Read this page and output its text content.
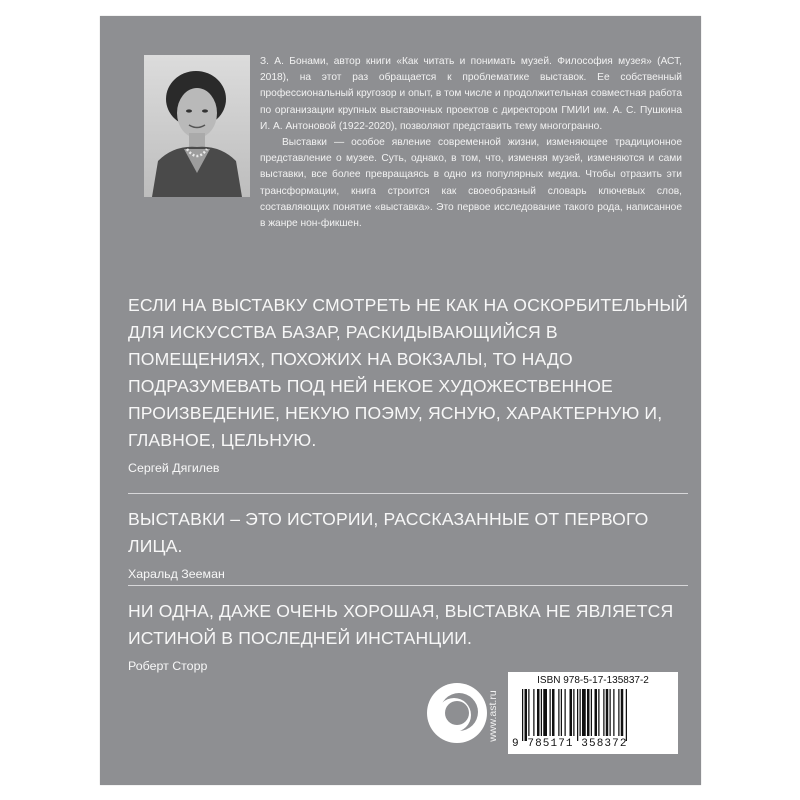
З. А. Бонами, автор книги «Как читать и понимать музей. Философия музея» (АСТ, 2018), на этот раз обращается к проблематике выставок. Ее собственный профессиональный кругозор и опыт, в том числе и продолжительная совместная работа по организации крупных выставочных проектов с директором ГМИИ им. А. С. Пушкина И. А. Антоновой (1922-2020), позволяют представить тему многогранно.

Выставки — особое явление современной жизни, изменяющее традиционное представление о музее. Суть, однако, в том, что, изменяя музей, изменяются и сами выставки, все более превращаясь в одно из популярных медиа. Чтобы отразить эти трансформации, книга строится как своеобразный словарь ключевых слов, составляющих понятие «выставка». Это первое исследование такого рода, написанное в жанре нон-фикшен.

ЕСЛИ НА ВЫСТАВКУ СМОТРЕТЬ НЕ КАК НА ОСКОРБИТЕЛЬНЫЙ ДЛЯ ИСКУССТВА БАЗАР, РАСКИДЫВАЮЩИЙСЯ В ПОМЕЩЕНИЯХ, ПОХОЖИХ НА ВОКЗАЛЫ, ТО НАДО ПОДРАЗУМЕВАТЬ ПОД НЕЙ НЕКОЕ ХУДОЖЕСТВЕННОЕ ПРОИЗВЕДЕНИЕ, НЕКУЮ ПОЭМУ, ЯСНУЮ, ХАРАКТЕРНУЮ И, ГЛАВНОЕ, ЦЕЛЬНУЮ.

Сергей Дягилев

ВЫСТАВКИ – ЭТО ИСТОРИИ, РАССКАЗАННЫЕ ОТ ПЕРВОГО ЛИЦА.

Харальд Зееман

НИ ОДНА, ДАЖЕ ОЧЕНЬ ХОРОШАЯ, ВЫСТАВКА НЕ ЯВЛЯЕТСЯ ИСТИНОЙ В ПОСЛЕДНЕЙ ИНСТАНЦИИ.

Роберт Сторр

www.ast.ru
ISBN 978-5-17-135837-2
9 785171 358372
